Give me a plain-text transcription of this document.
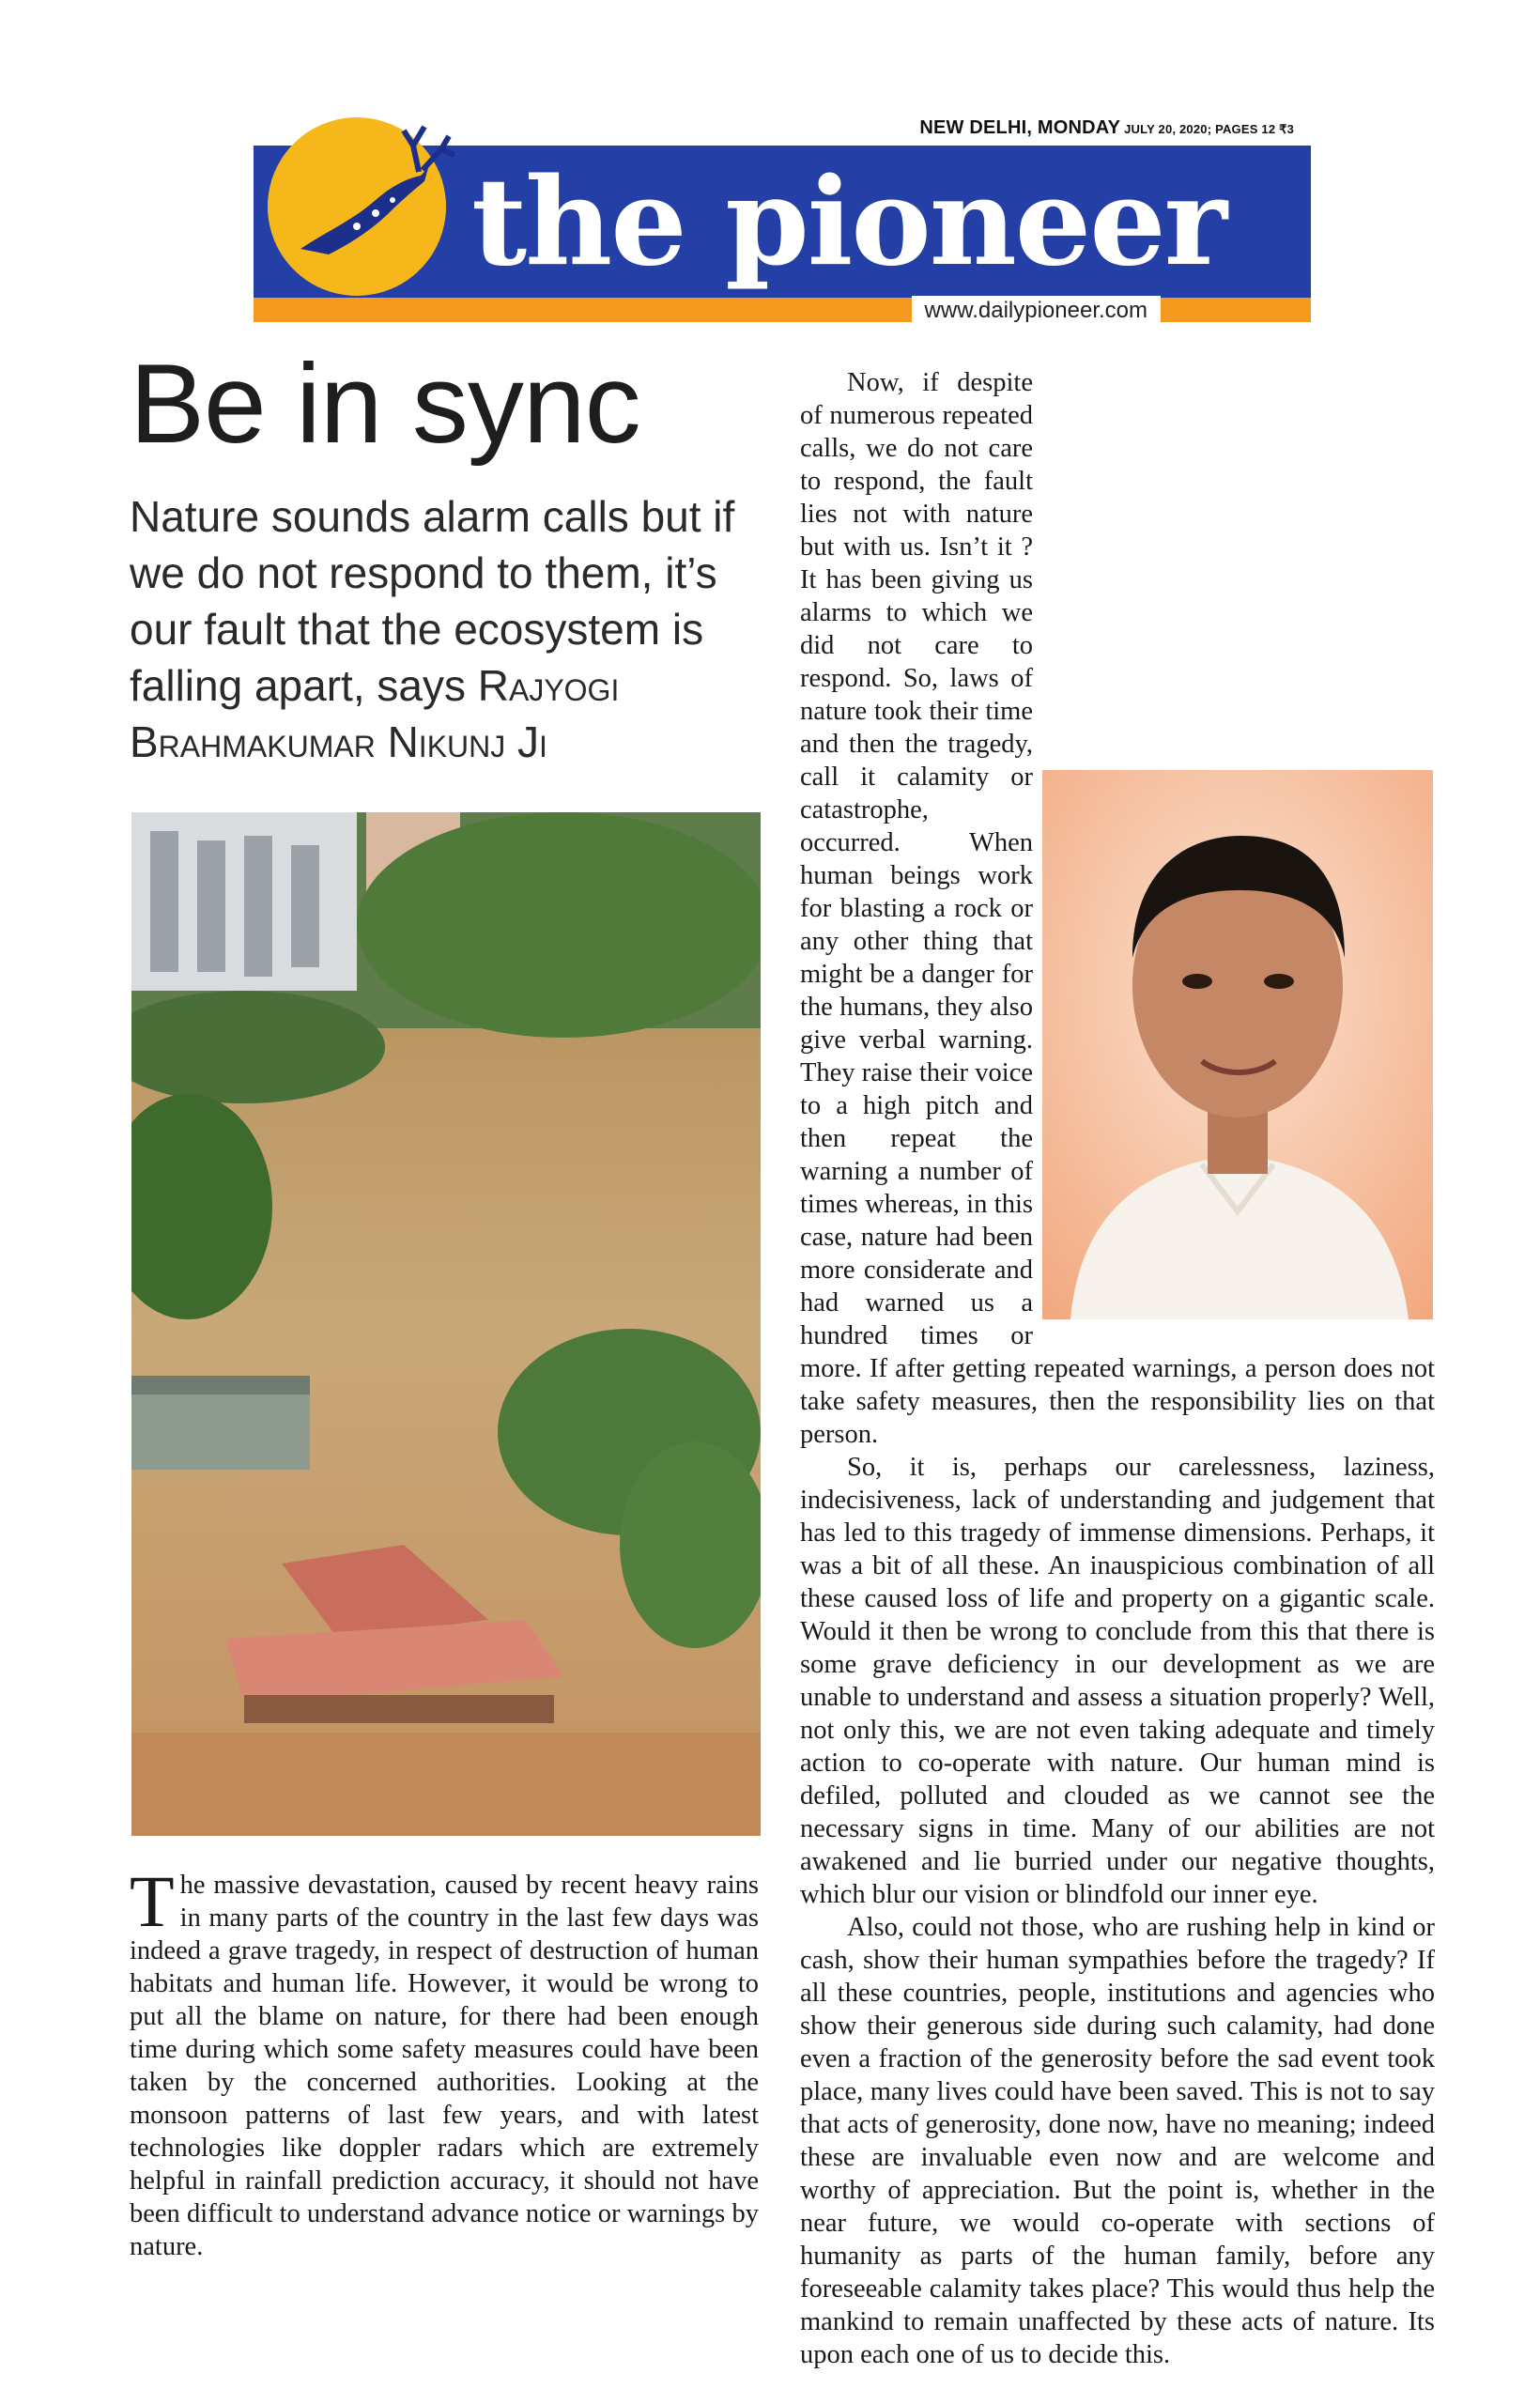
NEW DELHI, MONDAY JULY 20, 2020; PAGES 12 ₹3
the pioneer
www.dailypioneer.com
Be in sync
Nature sounds alarm calls but if we do not respond to them, it’s our fault that the ecosystem is falling apart, says Rajyogi Brahmakumar Nikunj Ji

The massive devastation, caused by recent heavy rains in many parts of the country in the last few days was indeed a grave tragedy, in respect of destruction of human habitats and human life. However, it would be wrong to put all the blame on nature, for there had been enough time during which some safety measures could have been taken by the concerned authorities. Looking at the monsoon patterns of last few years, and with latest technologies like doppler radars which are extremely helpful in rainfall prediction accuracy, it should not have been difficult to understand advance notice or warnings by nature.

Now, if despite of numerous repeated calls, we do not care to respond, the fault lies not with nature but with us. Isn’t it ? It has been giving us alarms to which we did not care to respond. So, laws of nature took their time and then the tragedy, call it calamity or catastrophe, occurred. When human beings work for blasting a rock or any other thing that might be a danger for the humans, they also give verbal warning. They raise their voice to a high pitch and then repeat the warning a number of times whereas, in this case, nature had been more considerate and had warned us a hundred times or more. If after getting repeated warnings, a person does not take safety measures, then the responsibility lies on that person.

So, it is, perhaps our carelessness, laziness, indecisiveness, lack of understanding and judgement that has led to this tragedy of immense dimensions. Perhaps, it was a bit of all these. An inauspicious combination of all these caused loss of life and property on a gigantic scale. Would it then be wrong to conclude from this that there is some grave deficiency in our development as we are unable to understand and assess a situation properly? Well, not only this, we are not even taking adequate and timely action to co-operate with nature. Our human mind is defiled, polluted and clouded as we cannot see the necessary signs in time. Many of our abilities are not awakened and lie burried under our negative thoughts, which blur our vision or blindfold our inner eye.

Also, could not those, who are rushing help in kind or cash, show their human sympathies before the tragedy? If all these countries, people, institutions and agencies who show their generous side during such calamity, had done even a fraction of the generosity before the sad event took place, many lives could have been saved. This is not to say that acts of generosity, done now, have no meaning; indeed these are invaluable even now and are welcome and worthy of appreciation. But the point is, whether in the near future, we would co-operate with sections of humanity as parts of the human family, before any foreseeable calamity takes place? This would thus help the mankind to remain unaffected by these acts of nature. Its upon each one of us to decide this.
